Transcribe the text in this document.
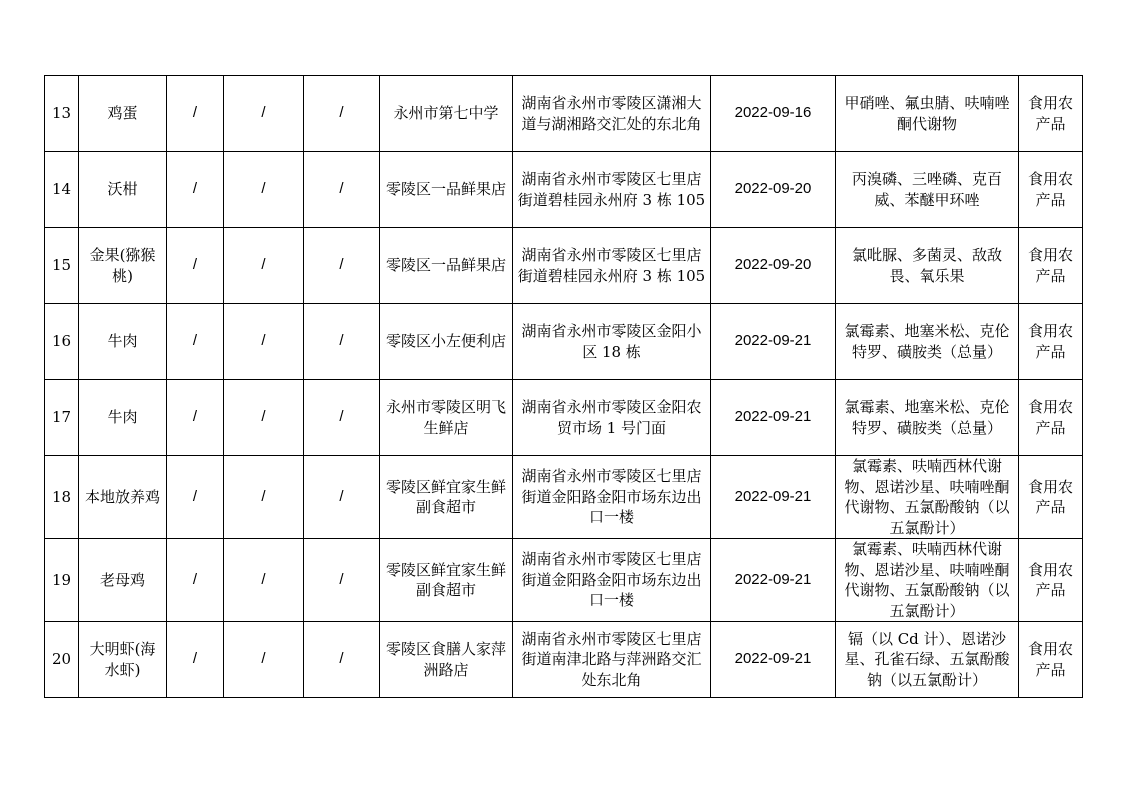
13	鸡蛋	/	/	/	永州市第七中学	湖南省永州市零陵区潇湘大道与湖湘路交汇处的东北角	2022-09-16	甲硝唑、氟虫腈、呋喃唑酮代谢物	食用农产品
14	沃柑	/	/	/	零陵区一品鲜果店	湖南省永州市零陵区七里店街道碧桂园永州府 3 栋 105	2022-09-20	丙溴磷、三唑磷、克百威、苯醚甲环唑	食用农产品
15	金果(猕猴桃)	/	/	/	零陵区一品鲜果店	湖南省永州市零陵区七里店街道碧桂园永州府 3 栋 105	2022-09-20	氯吡脲、多菌灵、敌敌畏、氧乐果	食用农产品
16	牛肉	/	/	/	零陵区小左便利店	湖南省永州市零陵区金阳小区 18 栋	2022-09-21	氯霉素、地塞米松、克伦特罗、磺胺类（总量）	食用农产品
17	牛肉	/	/	/	永州市零陵区明飞生鲜店	湖南省永州市零陵区金阳农贸市场 1 号门面	2022-09-21	氯霉素、地塞米松、克伦特罗、磺胺类（总量）	食用农产品
18	本地放养鸡	/	/	/	零陵区鲜宜家生鲜副食超市	湖南省永州市零陵区七里店街道金阳路金阳市场东边出口一楼	2022-09-21	氯霉素、呋喃西林代谢物、恩诺沙星、呋喃唑酮代谢物、五氯酚酸钠（以五氯酚计）	食用农产品
19	老母鸡	/	/	/	零陵区鲜宜家生鲜副食超市	湖南省永州市零陵区七里店街道金阳路金阳市场东边出口一楼	2022-09-21	氯霉素、呋喃西林代谢物、恩诺沙星、呋喃唑酮代谢物、五氯酚酸钠（以五氯酚计）	食用农产品
20	大明虾(海水虾)	/	/	/	零陵区食膳人家萍洲路店	湖南省永州市零陵区七里店街道南津北路与萍洲路交汇处东北角	2022-09-21	镉（以 Cd 计）、恩诺沙星、孔雀石绿、五氯酚酸钠（以五氯酚计）	食用农产品
